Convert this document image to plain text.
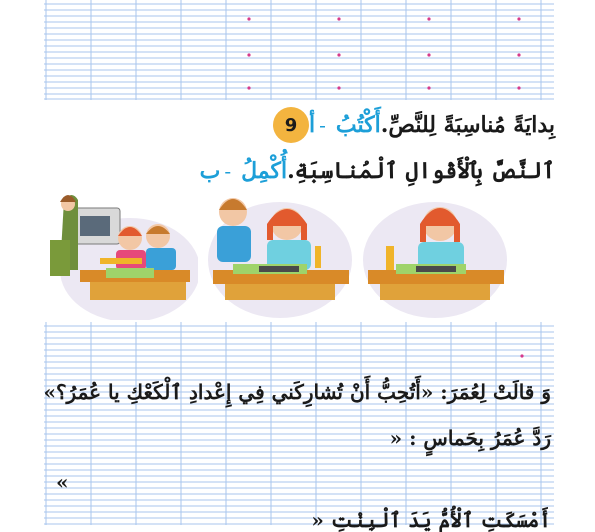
9 أ - أَكْتُبُ بِدايَةً مُناسِبَةً لِلنَّصِّ.
ب - أُكْمِلُ ٱلنَّصَّ بِٱلْأَقْوالِ ٱلْمُناسِبَةِ.
وَ قالَتْ لِعُمَرَ: «أَتُحِبُّ أَنْ تُشارِكَني فِي إِعْدادِ ٱلْكَعْكِ يا عُمَرُ؟»
رَدَّ عُمَرُ بِحَماسٍ : «
»
أَمْسَكَتِ ٱلْأُمُّ يَدَ ٱلْبِنْتِ «
